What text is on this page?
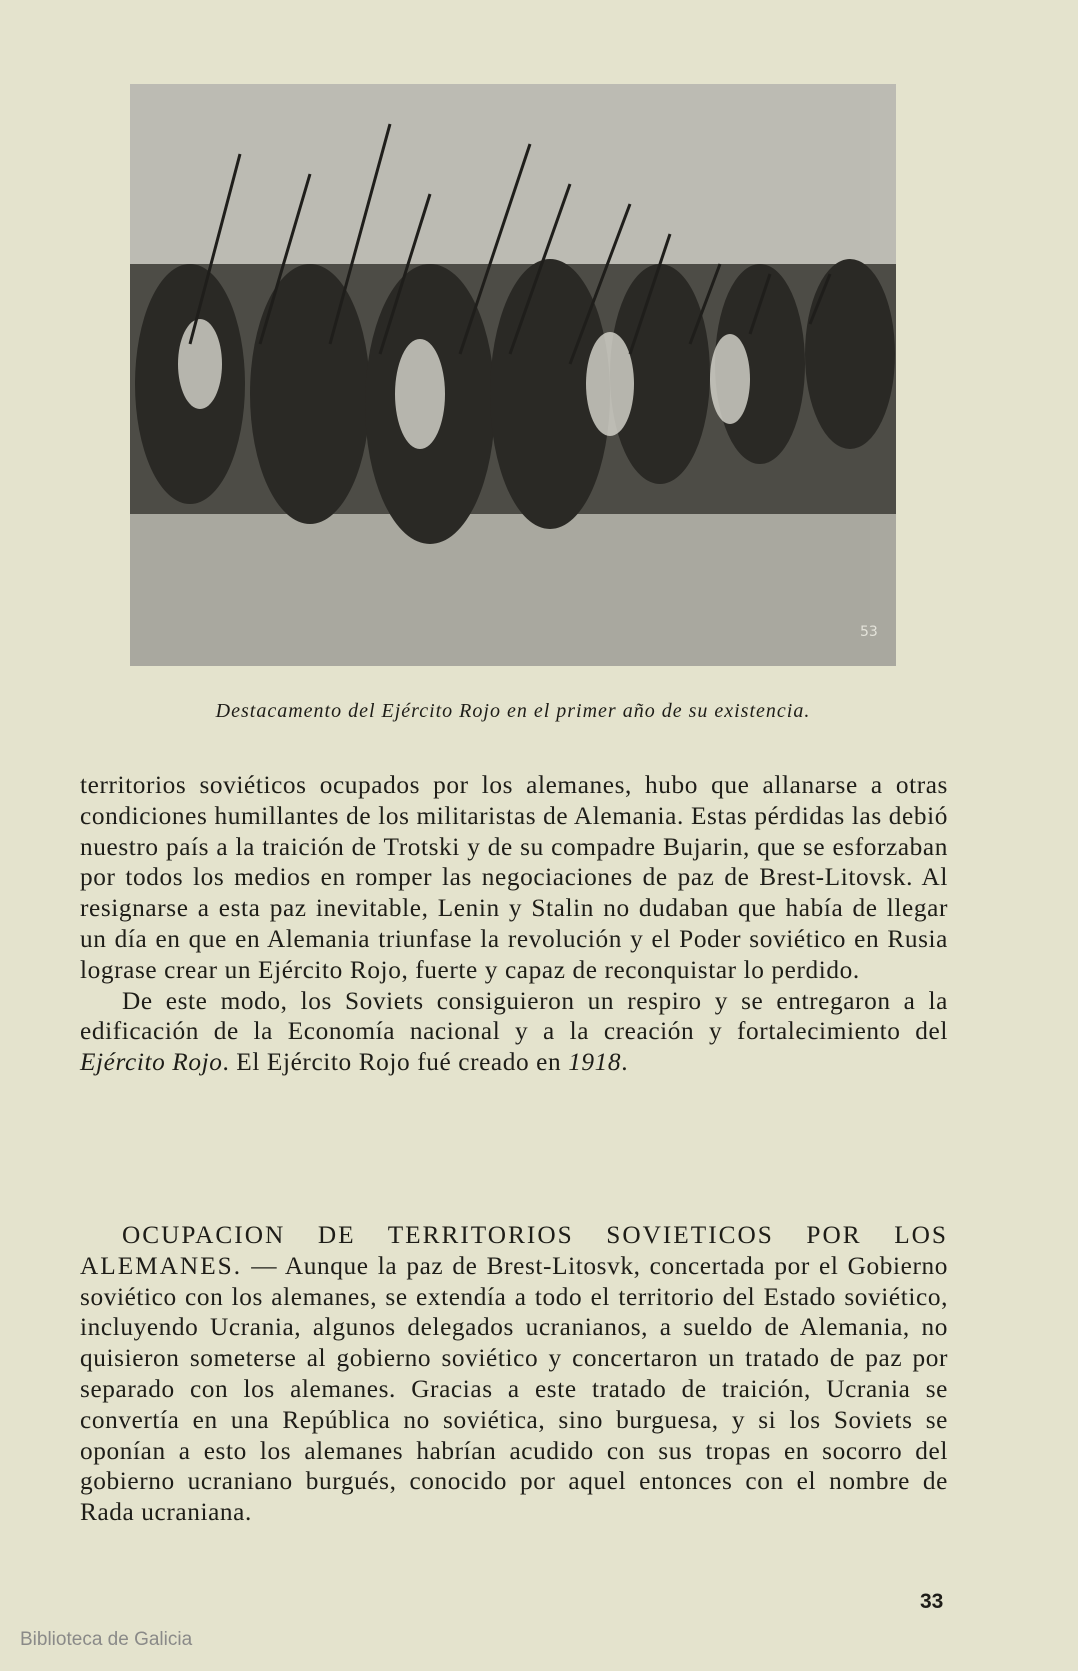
53
Destacamento del Ejército Rojo en el primer año de su existencia.

territorios soviéticos ocupados por los alemanes, hubo que allanarse a otras condiciones humillantes de los militaristas de Alemania. Estas pérdidas las debió nuestro país a la traición de Trotski y de su compadre Bujarin, que se esforzaban por todos los medios en romper las negociaciones de paz de Brest-Litovsk. Al resignarse a esta paz inevitable, Lenin y Stalin no dudaban que había de llegar un día en que en Alemania triunfase la revolución y el Poder soviético en Rusia lograse crear un Ejército Rojo, fuerte y capaz de reconquistar lo perdido.

De este modo, los Soviets consiguieron un respiro y se entregaron a la edificación de la Economía nacional y a la creación y fortalecimiento del Ejército Rojo. El Ejército Rojo fué creado en 1918.

OCUPACION DE TERRITORIOS SOVIETICOS POR LOS ALEMANES. — Aunque la paz de Brest-Litosvk, concertada por el Gobierno soviético con los alemanes, se extendía a todo el territorio del Estado soviético, incluyendo Ucrania, algunos delegados ucranianos, a sueldo de Alemania, no quisieron someterse al gobierno soviético y concertaron un tratado de paz por separado con los alemanes. Gracias a este tratado de traición, Ucrania se convertía en una República no soviética, sino burguesa, y si los Soviets se oponían a esto los alemanes habrían acudido con sus tropas en socorro del gobierno ucraniano burgués, conocido por aquel entonces con el nombre de Rada ucraniana.

33
Biblioteca de Galicia
